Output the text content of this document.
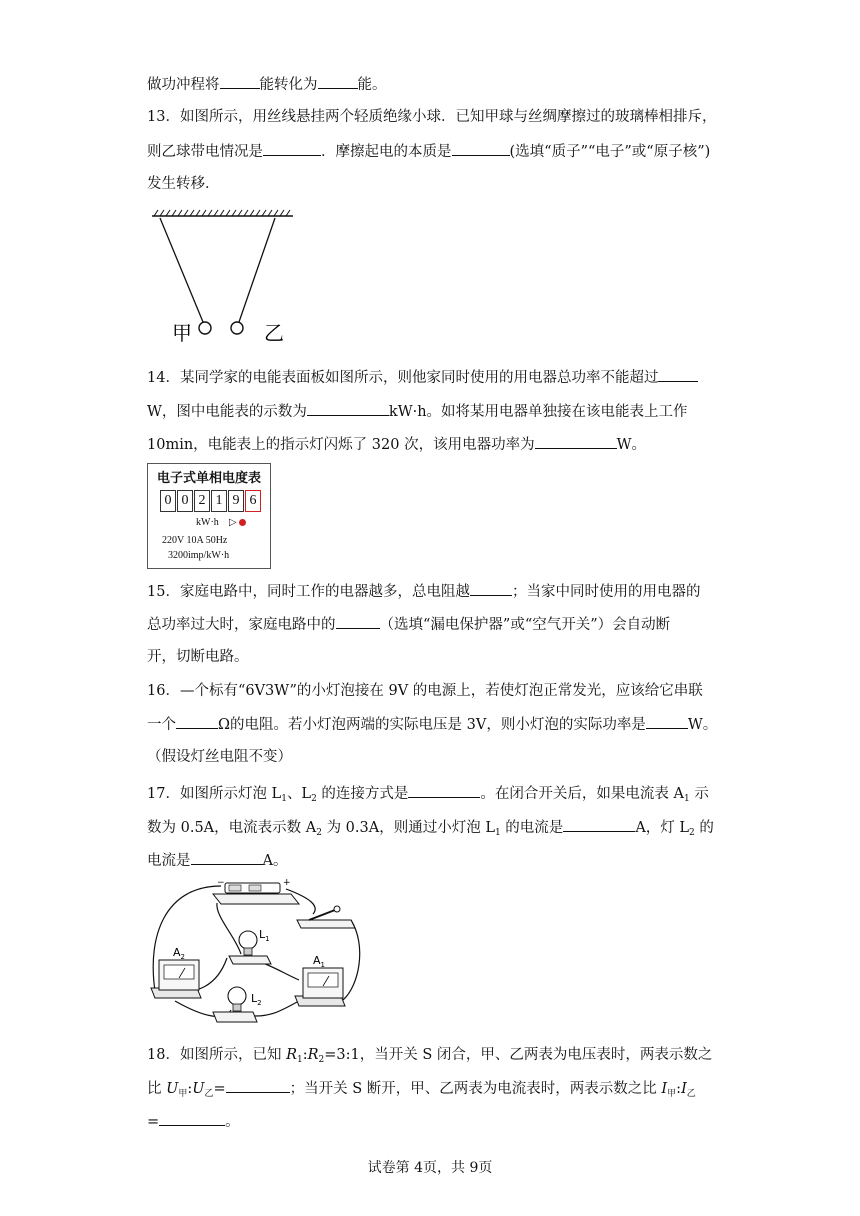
做功冲程将	能转化为	能。
13．如图所示，用丝线悬挂两个轻质绝缘小球．已知甲球与丝绸摩擦过的玻璃棒相排斥，
则乙球带电情况是	．摩擦起电的本质是	(选填“质子”“电子”或“原子核”)
发生转移．
甲	乙
14．某同学家的电能表面板如图所示，则他家同时使用的用电器总功率不能超过
W，图中电能表的示数为	kW·h。如将某用电器单独接在该电能表上工作
10min，电能表上的指示灯闪烁了 320 次，该用电器功率为	W。
电子式单相电度表
0 0 2 1 9 6
kW·h ▷
220V 10A 50Hz
3200imp/kW·h
15．家庭电路中，同时工作的电器越多，总电阻越	；当家中同时使用的用电器的
总功率过大时，家庭电路中的	（选填“漏电保护器”或“空气开关”）会自动断
开，切断电路。
16．—个标有“6V3W”的小灯泡接在 9V 的电源上，若使灯泡正常发光，应该给它串联
一个	Ω的电阻。若小灯泡两端的实际电压是 3V，则小灯泡的实际功率是	W。
（假设灯丝电阻不变）
17．如图所示灯泡 $L_1$、$L_2$ 的连接方式是	。在闭合开关后，如果电流表 $A_1$ 示
数为 0.5A，电流表示数 $A_2$ 为 0.3A，则通过小灯泡 $L_1$ 的电流是	A，灯 $L_2$ 的
电流是	A。
−	+
$L_1$
$A_2$	$A_1$
$L_2$
18．如图所示，已知 $R_1:R_2=3:1$，当开关 S 闭合，甲、乙两表为电压表时，两表示数之
比 $U_甲:U_乙=$	；当开关 S 断开，甲、乙两表为电流表时，两表示数之比 $I_甲:I_乙$
=	。
试卷第 4页，共 9页
